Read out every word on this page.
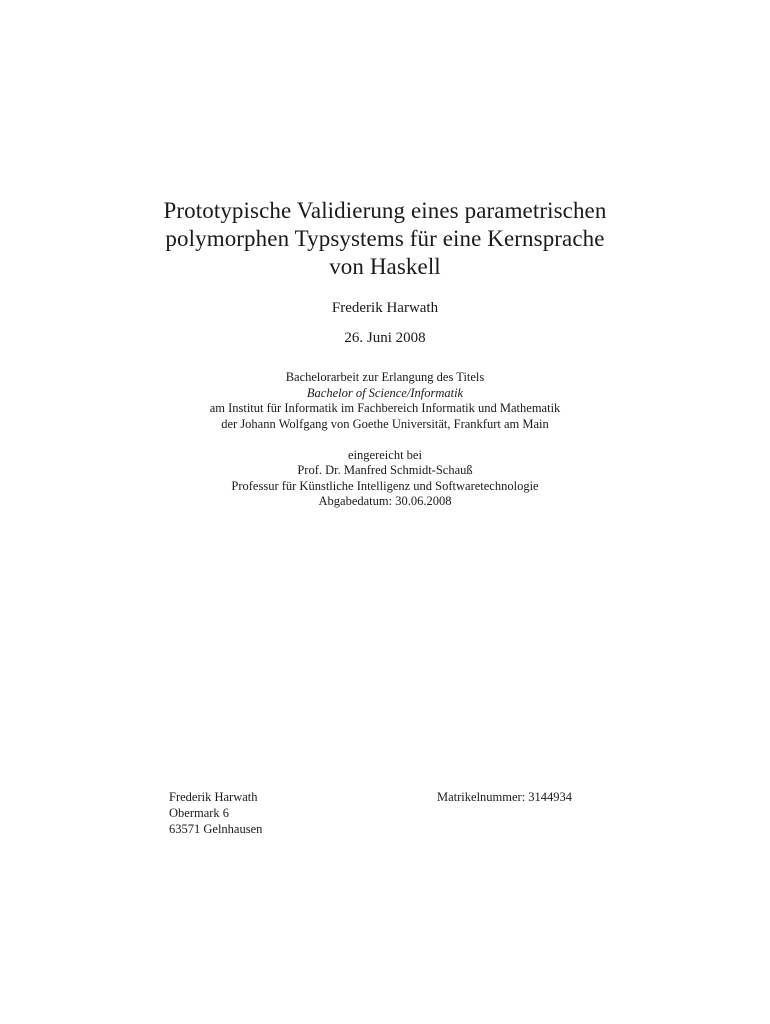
Prototypische Validierung eines parametrischen
polymorphen Typsystems für eine Kernsprache
von Haskell
Frederik Harwath
26. Juni 2008
Bachelorarbeit zur Erlangung des Titels
Bachelor of Science/Informatik
am Institut für Informatik im Fachbereich Informatik und Mathematik
der Johann Wolfgang von Goethe Universität, Frankfurt am Main
eingereicht bei
Prof. Dr. Manfred Schmidt-Schauß
Professur für Künstliche Intelligenz und Softwaretechnologie
Abgabedatum: 30.06.2008
Frederik Harwath
Obermark 6
63571 Gelnhausen
Matrikelnummer: 3144934
